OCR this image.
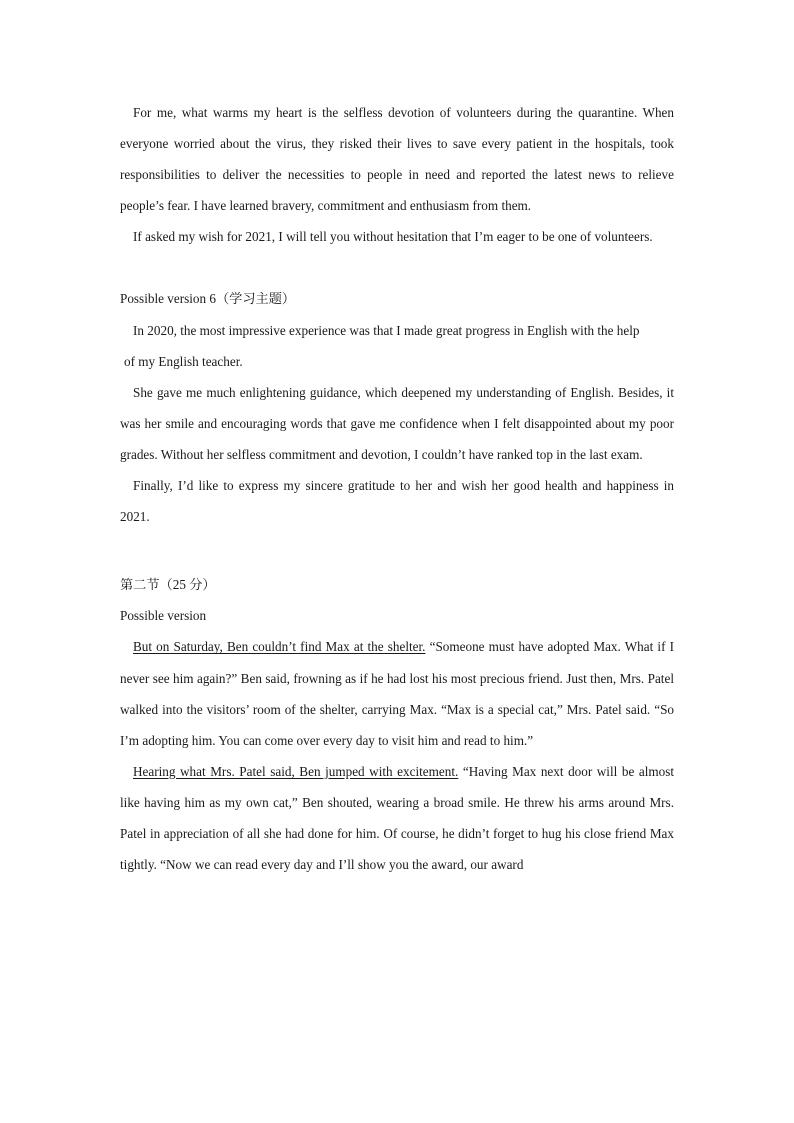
For me, what warms my heart is the selfless devotion of volunteers during the quarantine. When everyone worried about the virus, they risked their lives to save every patient in the hospitals, took responsibilities to deliver the necessities to people in need and reported the latest news to relieve people’s fear. I have learned bravery, commitment and enthusiasm from them.

If asked my wish for 2021, I will tell you without hesitation that I’m eager to be one of volunteers.

Possible version 6（学习主题）

In 2020, the most impressive experience was that I made great progress in English with the help

of my English teacher.

She gave me much enlightening guidance, which deepened my understanding of English. Besides, it was her smile and encouraging words that gave me confidence when I felt disappointed about my poor grades. Without her selfless commitment and devotion, I couldn’t have ranked top in the last exam.

Finally, I’d like to express my sincere gratitude to her and wish her good health and happiness in 2021.

第二节（25 分）

Possible version

But on Saturday, Ben couldn’t find Max at the shelter. “Someone must have adopted Max. What if I never see him again?” Ben said, frowning as if he had lost his most precious friend. Just then, Mrs. Patel walked into the visitors’ room of the shelter, carrying Max. “Max is a special cat,” Mrs. Patel said. “So I’m adopting him. You can come over every day to visit him and read to him.”

Hearing what Mrs. Patel said, Ben jumped with excitement. “Having Max next door will be almost like having him as my own cat,” Ben shouted, wearing a broad smile. He threw his arms around Mrs. Patel in appreciation of all she had done for him. Of course, he didn’t forget to hug his close friend Max tightly. “Now we can read every day and I’ll show you the award, our award
